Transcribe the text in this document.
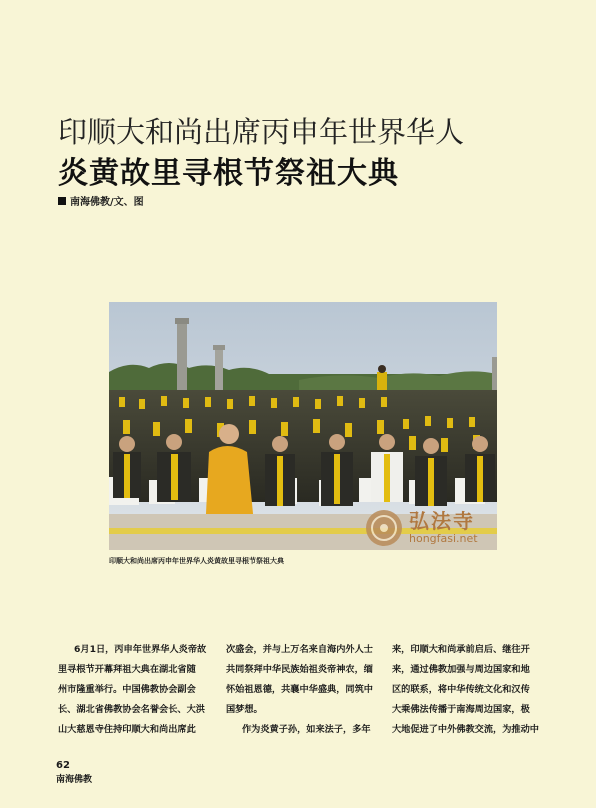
印顺大和尚出席丙申年世界华人
炎黄故里寻根节祭祖大典
南海佛教/文、图
弘法寺
hongfasi.net
印顺大和尚出席丙申年世界华人炎黄故里寻根节祭祖大典
6月1日，丙申年世界华人炎帝故
里寻根节开幕拜祖大典在湖北省随
州市隆重举行。中国佛教协会副会
长、湖北省佛教协会名誉会长、大洪
山大慈恩寺住持印顺大和尚出席此
次盛会，并与上万名来自海内外人士
共同祭拜中华民族始祖炎帝神农，缅
怀始祖恩德，共襄中华盛典，同筑中
国梦想。
作为炎黄子孙，如来法子，多年
来，印顺大和尚承前启后、继往开
来，通过佛教加强与周边国家和地
区的联系，将中华传统文化和汉传
大乘佛法传播于南海周边国家，极
大地促进了中外佛教交流，为推动中
62
南海佛教
